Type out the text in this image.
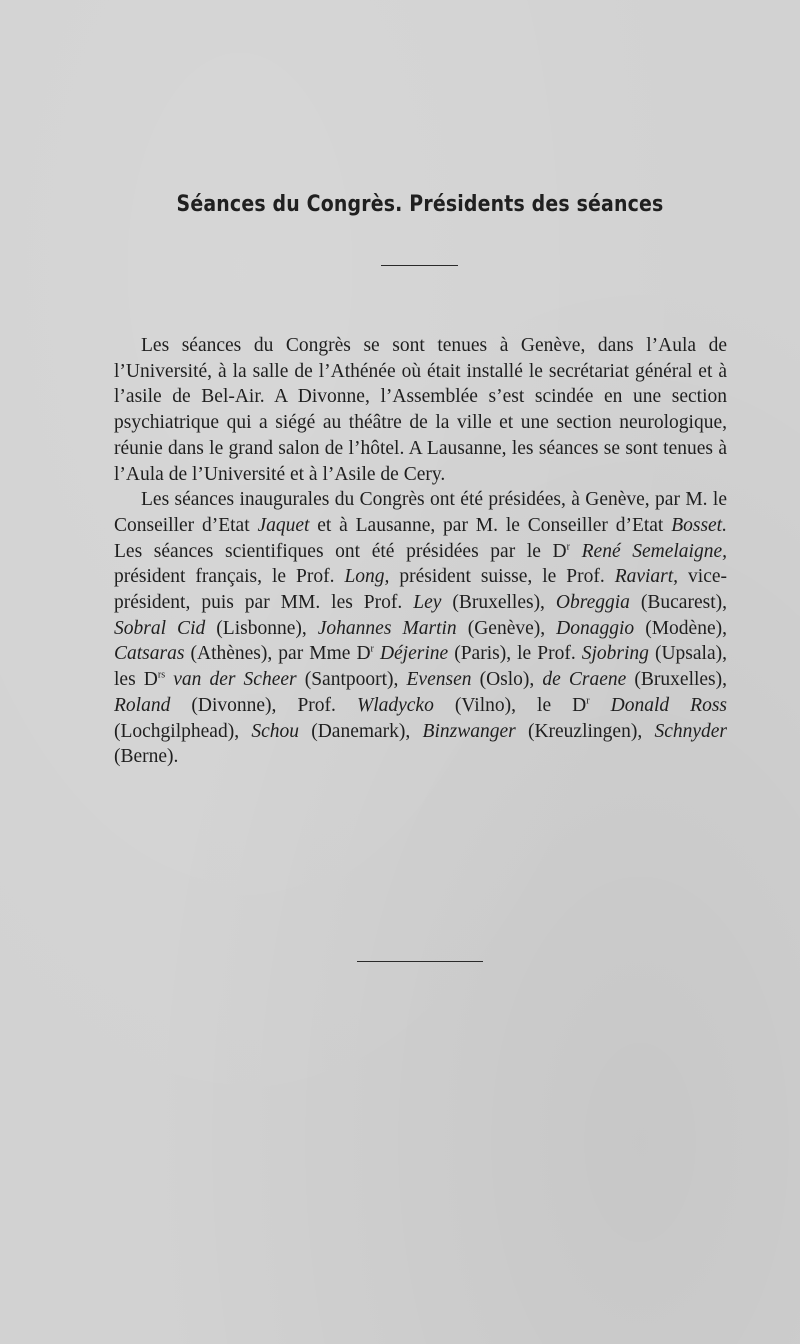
Séances du Congrès. Présidents des séances

Les séances du Congrès se sont tenues à Genève, dans l’Aula de l’Université, à la salle de l’Athénée où était installé le secrétariat général et à l’asile de Bel-Air. A Divonne, l’Assemblée s’est scindée en une section psychiatrique qui a siégé au théâtre de la ville et une section neurologique, réunie dans le grand salon de l’hôtel. A Lausanne, les séances se sont tenues à l’Aula de l’Université et à l’Asile de Cery.

Les séances inaugurales du Congrès ont été présidées, à Genève, par M. le Conseiller d’Etat Jaquet et à Lausanne, par M. le Conseiller d’Etat Bosset. Les séances scientifiques ont été présidées par le $D^r$ René Semelaigne, président français, le Prof. Long, président suisse, le Prof. Raviart, vice-président, puis par MM. les Prof. Ley (Bruxelles), Obreggia (Bucarest), Sobral Cid (Lisbonne), Johannes Martin (Genève), Donaggio (Modène), Catsaras (Athènes), par Mme $D^r$ Déjerine (Paris), le Prof. Sjobring (Upsala), les $D^{rs}$ van der Scheer (Santpoort), Evensen (Oslo), de Craene (Bruxelles), Roland (Divonne), Prof. Wladycko (Vilno), le $D^r$ Donald Ross (Lochgilphead), Schou (Danemark), Binzwanger (Kreuzlingen), Schnyder (Berne).
